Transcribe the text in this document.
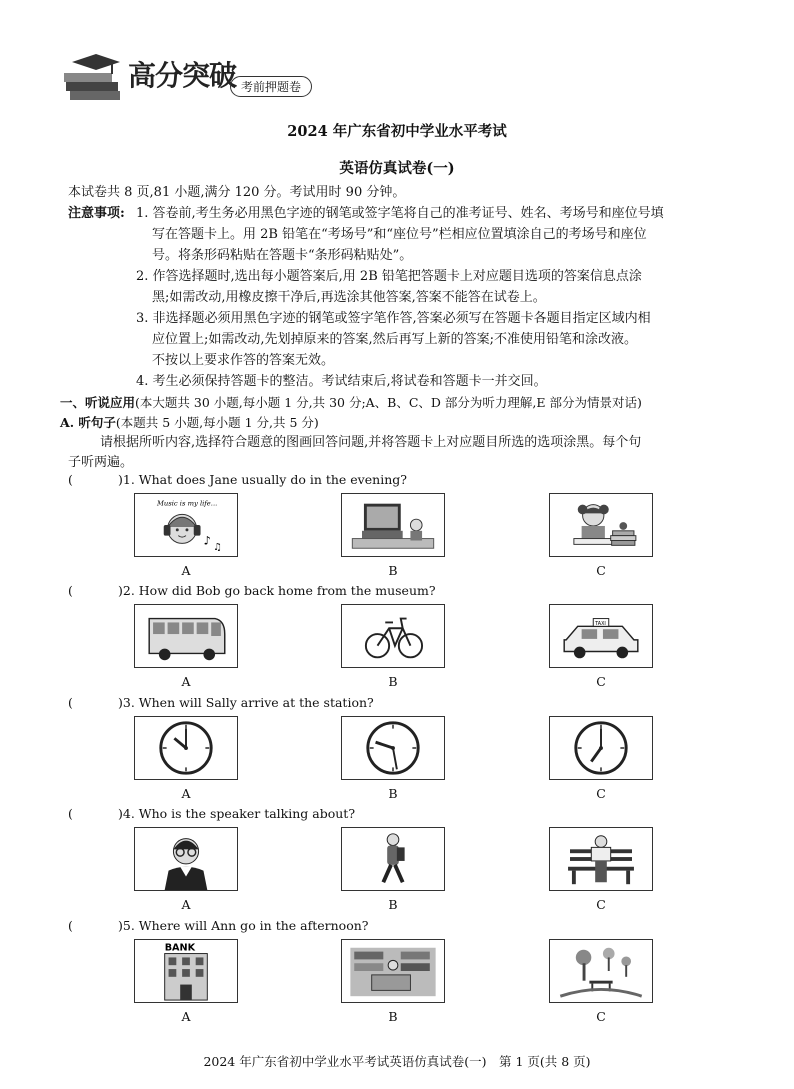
高分突破 考前押题卷
2024 年广东省初中学业水平考试
英语仿真试卷(一)
本试卷共 8 页,81 小题,满分 120 分。考试用时 90 分钟。
注意事项: 1. 答卷前,考生务必用黑色字迹的钢笔或签字笔将自己的准考证号、姓名、考场号和座位号填
写在答题卡上。用 2B 铅笔在“考场号”和“座位号”栏相应位置填涂自己的考场号和座位
号。将条形码粘贴在答题卡“条形码粘贴处”。
2. 作答选择题时,选出每小题答案后,用 2B 铅笔把答题卡上对应题目选项的答案信息点涂
黑;如需改动,用橡皮擦干净后,再选涂其他答案,答案不能答在试卷上。
3. 非选择题必须用黑色字迹的钢笔或签字笔作答,答案必须写在答题卡各题目指定区域内相
应位置上;如需改动,先划掉原来的答案,然后再写上新的答案;不准使用铅笔和涂改液。
不按以上要求作答的答案无效。
4. 考生必须保持答题卡的整洁。考试结束后,将试卷和答题卡一并交回。
一、听说应用(本大题共 30 小题,每小题 1 分,共 30 分;A、B、C、D 部分为听力理解,E 部分为情景对话)
A. 听句子(本题共 5 小题,每小题 1 分,共 5 分)
请根据所听内容,选择符合题意的图画回答问题,并将答题卡上对应题目所选的选项涂黑。每个句
子听两遍。
(	)1. What does Jane usually do in the evening?
Music is my life...
♪
♫
A	B	C
(	)2. How did Bob go back home from the museum?
TAXI
A	B	C
(	)3. When will Sally arrive at the station?
A	B	C
(	)4. Who is the speaker talking about?
A	B	C
(	)5. Where will Ann go in the afternoon?
BANK
A	B	C
2024 年广东省初中学业水平考试英语仿真试卷(一)　第 1 页(共 8 页)
